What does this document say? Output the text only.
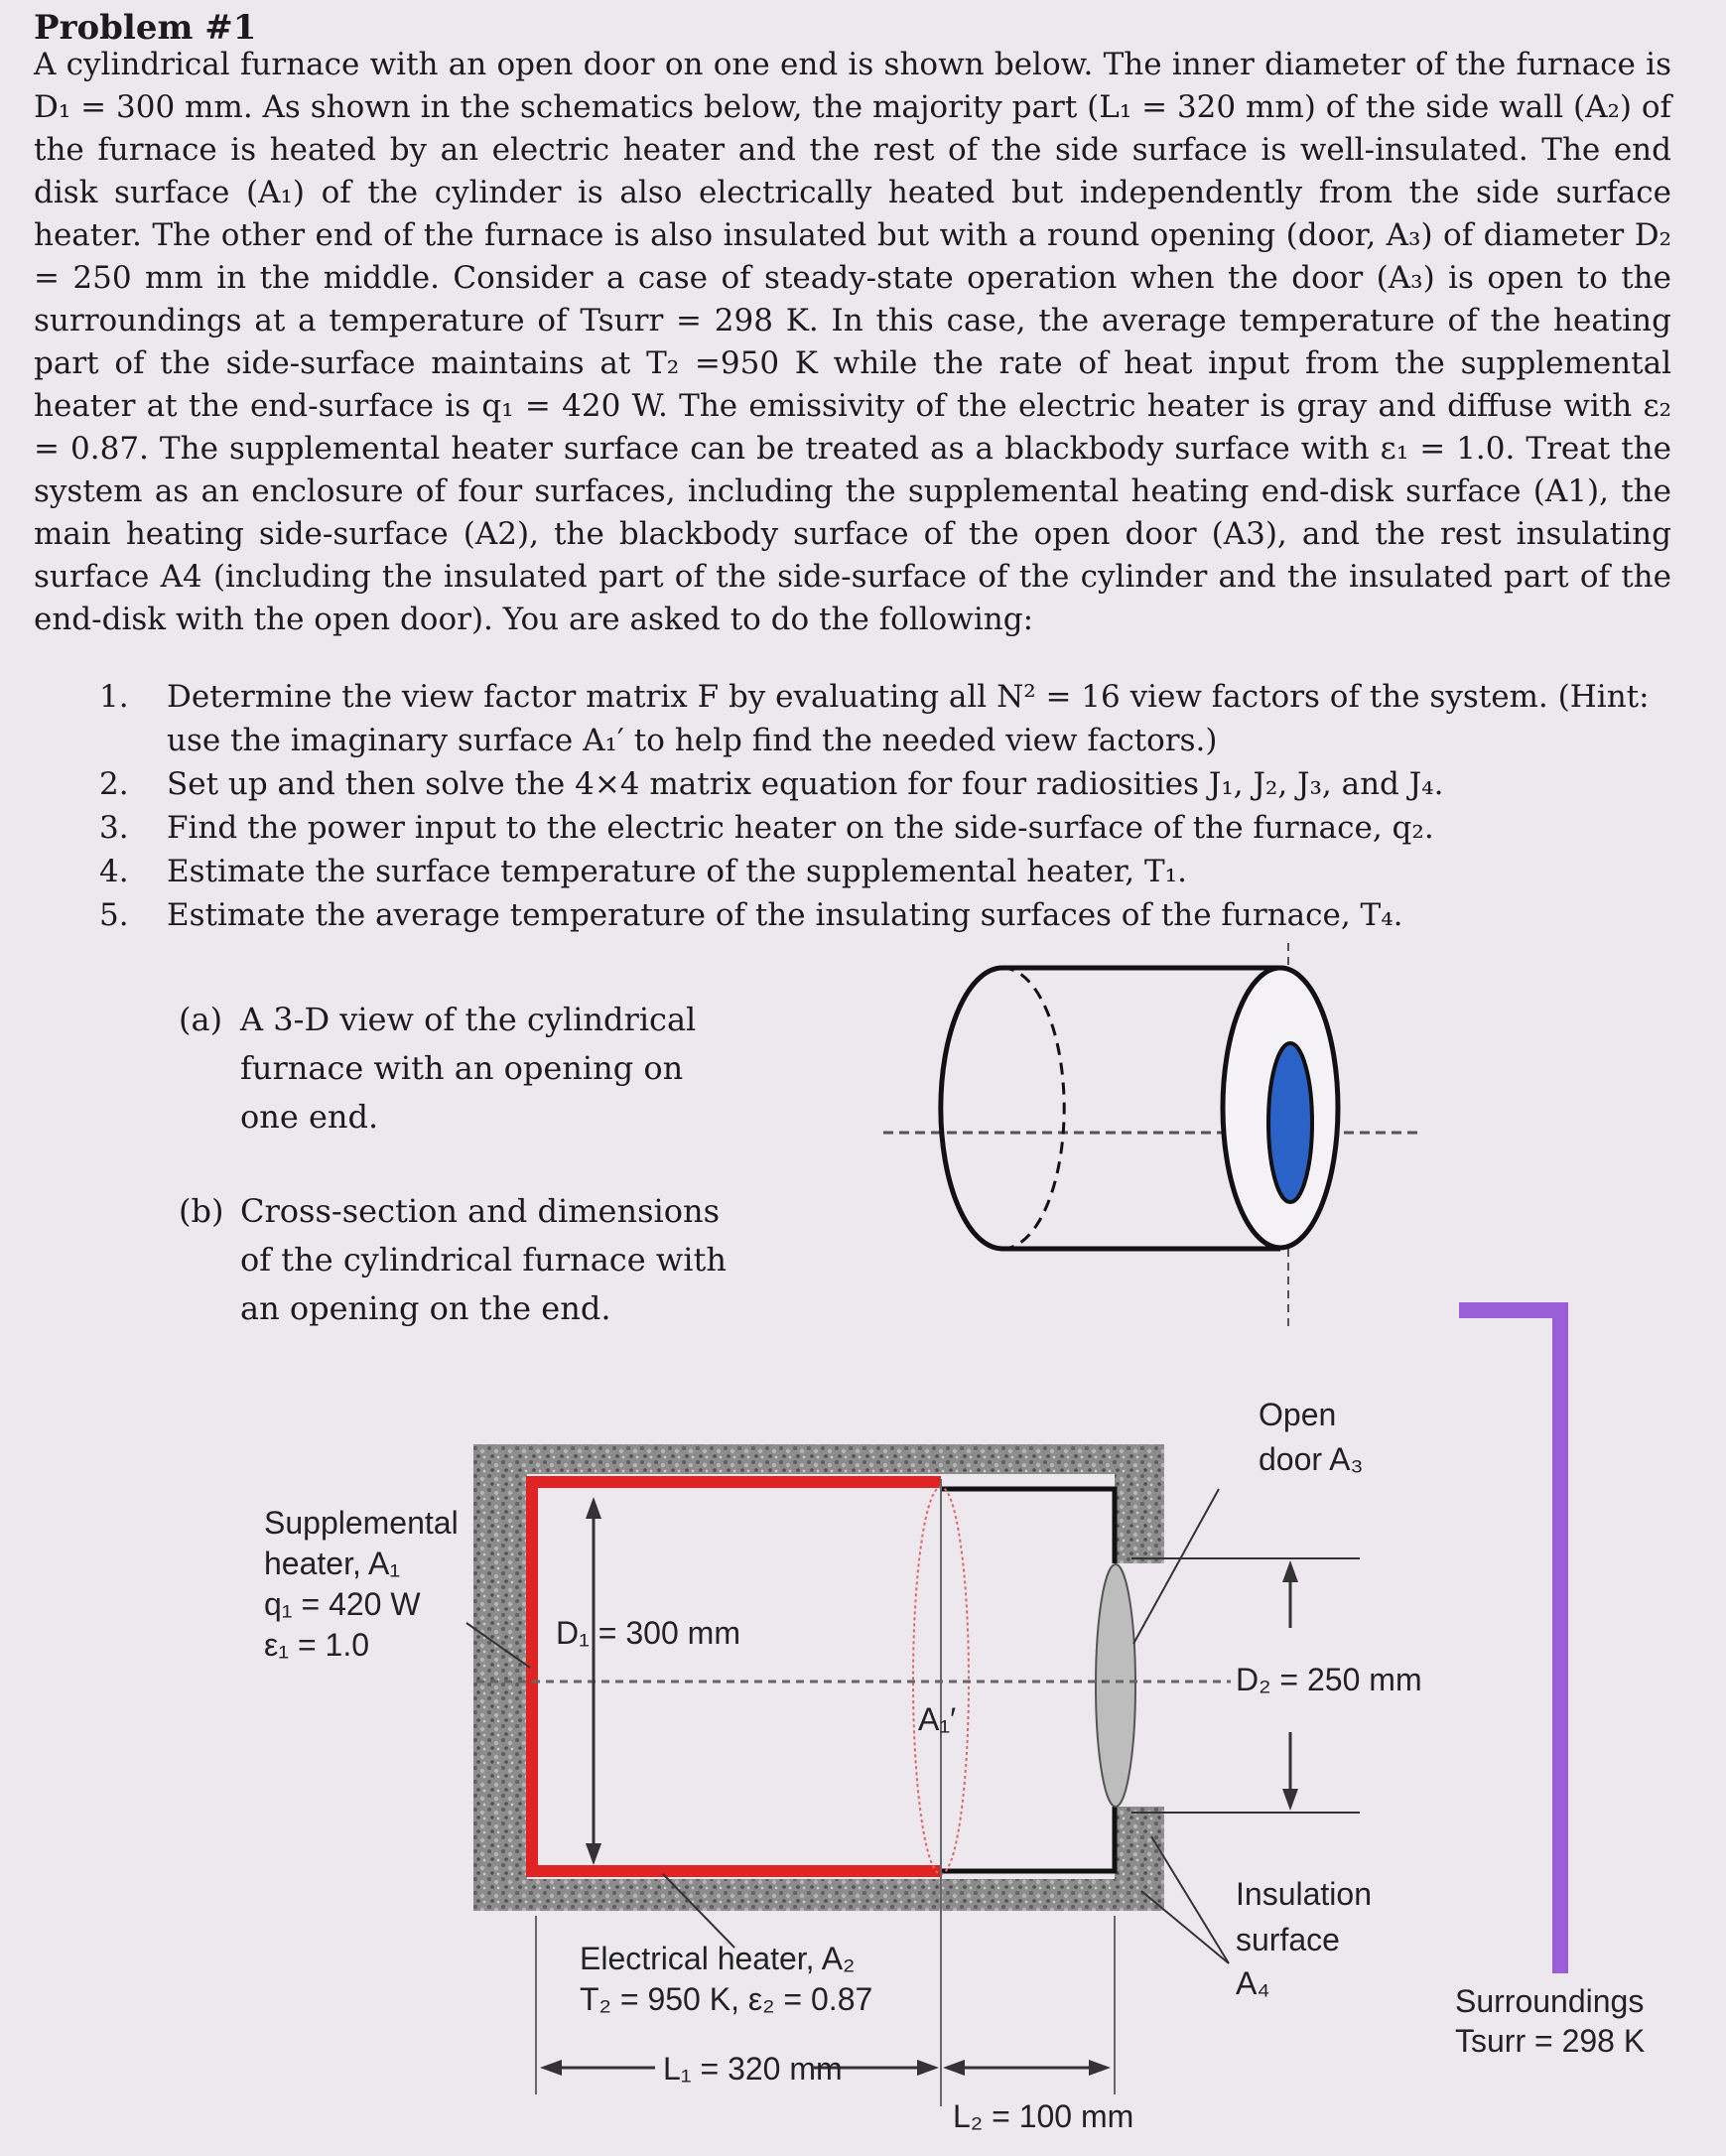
Problem #1

A cylindrical furnace with an open door on one end is shown below. The inner diameter of the furnace is D₁ = 300 mm. As shown in the schematics below, the majority part (L₁ = 320 mm) of the side wall (A₂) of the furnace is heated by an electric heater and the rest of the side surface is well-insulated. The end disk surface (A₁) of the cylinder is also electrically heated but independently from the side surface heater. The other end of the furnace is also insulated but with a round opening (door, A₃) of diameter D₂ = 250 mm in the middle. Consider a case of steady-state operation when the door (A₃) is open to the surroundings at a temperature of Tsurr = 298 K. In this case, the average temperature of the heating part of the side-surface maintains at T₂ =950 K while the rate of heat input from the supplemental heater at the end-surface is q₁ = 420 W. The emissivity of the electric heater is gray and diffuse with ε₂ = 0.87. The supplemental heater surface can be treated as a blackbody surface with ε₁ = 1.0. Treat the system as an enclosure of four surfaces, including the supplemental heating end-disk surface (A1), the main heating side-surface (A2), the blackbody surface of the open door (A3), and the rest insulating surface A4 (including the insulated part of the side-surface of the cylinder and the insulated part of the end-disk with the open door). You are asked to do the following:

1. Determine the view factor matrix F by evaluating all N² = 16 view factors of the system. (Hint: use the imaginary surface A₁′ to help find the needed view factors.)
2. Set up and then solve the 4×4 matrix equation for four radiosities J₁, J₂, J₃, and J₄.
3. Find the power input to the electric heater on the side-surface of the furnace, q₂.
4. Estimate the surface temperature of the supplemental heater, T₁.
5. Estimate the average temperature of the insulating surfaces of the furnace, T₄.

(a) A 3-D view of the cylindrical furnace with an opening on one end.

(b) Cross-section and dimensions of the cylindrical furnace with an opening on the end.

Supplemental
heater, A₁
q₁ = 420 W
ε₁ = 1.0	D₁ = 300 mm
A₁′
Open
door A₃
D₂ = 250 mm
Insulation
surface
A₄
Electrical heater, A₂
T₂ = 950 K, ε₂ = 0.87
L₁ = 320 mm
L₂ = 100 mm
Surroundings
Tsurr = 298 K
